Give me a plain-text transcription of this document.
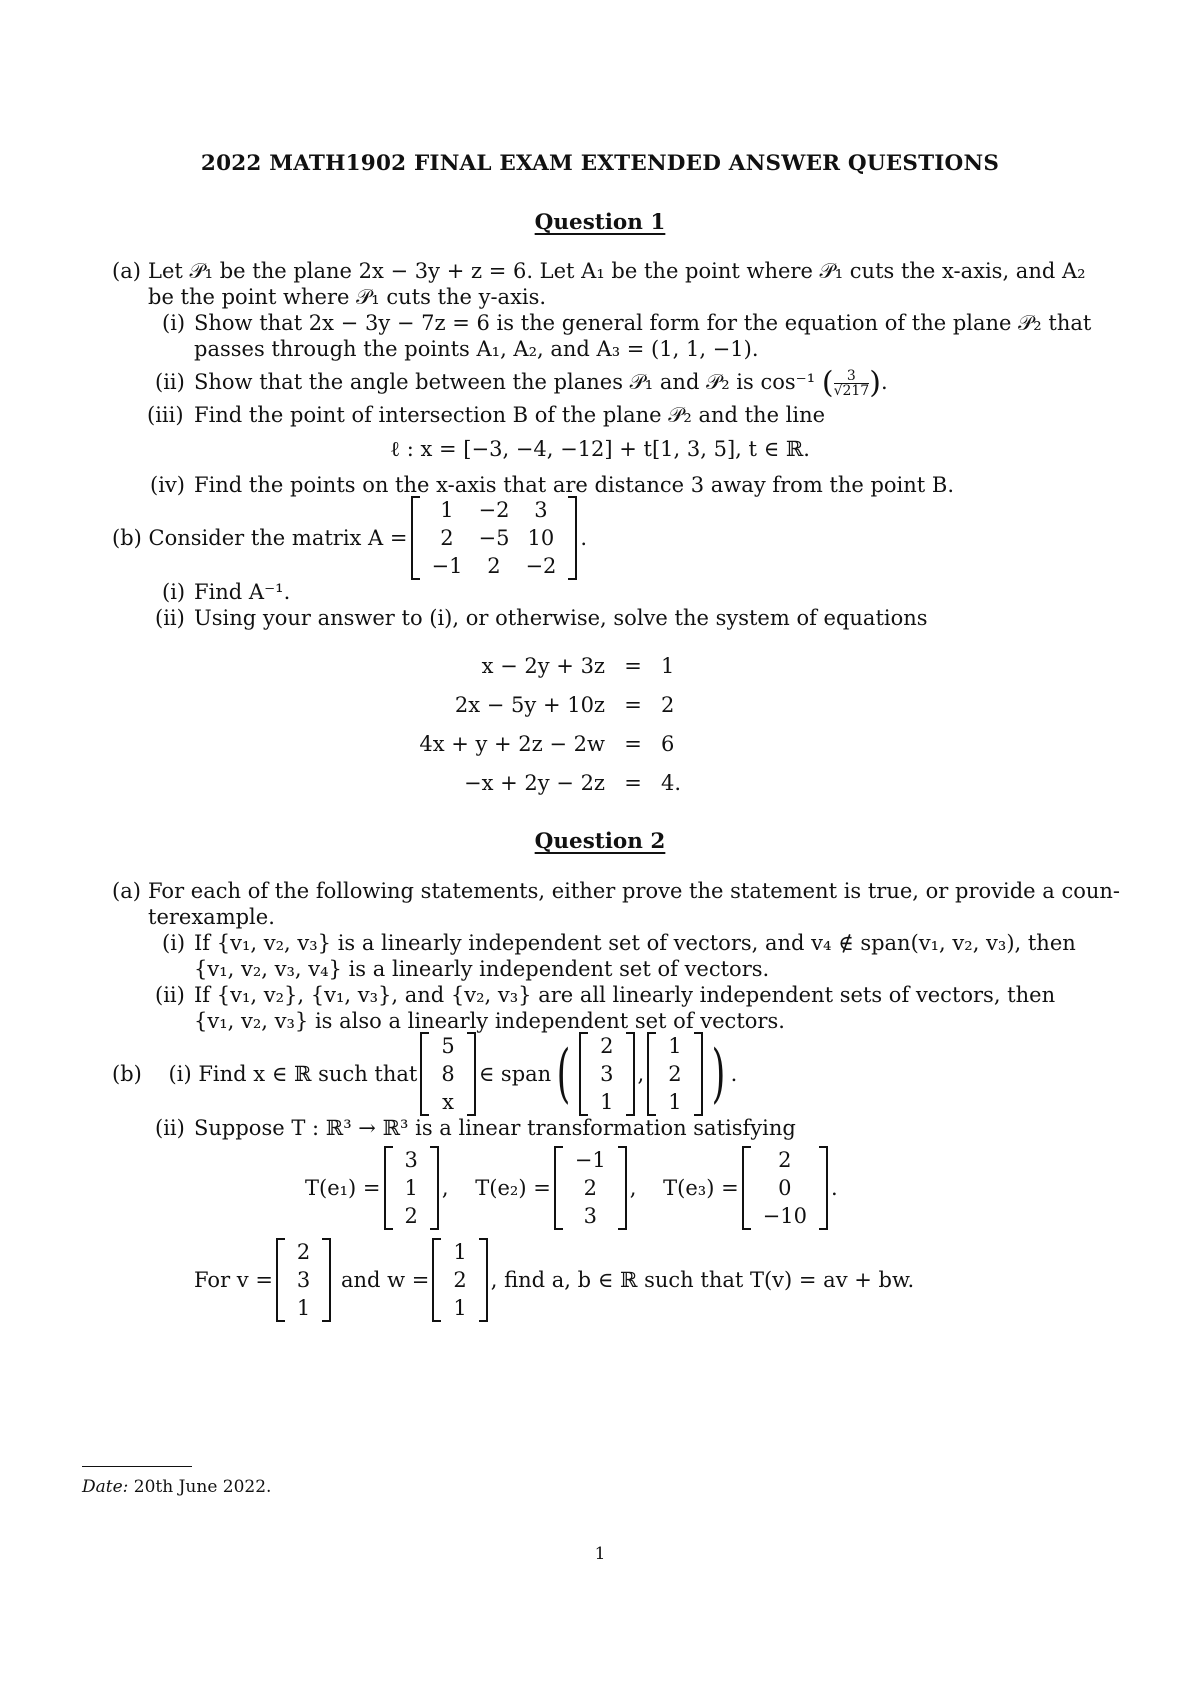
2022 MATH1902 FINAL EXAM EXTENDED ANSWER QUESTIONS
Question 1
(a) Let 𝒫₁ be the plane 2x − 3y + z = 6. Let A₁ be the point where 𝒫₁ cuts the x-axis, and A₂
be the point where 𝒫₁ cuts the y-axis.
(i) Show that 2x − 3y − 7z = 6 is the general form for the equation of the plane 𝒫₂ that
passes through the points A₁, A₂, and A₃ = (1, 1, −1).
(ii) Show that the angle between the planes 𝒫₁ and 𝒫₂ is cos⁻¹ ( $\frac{3}{√217}$ ).
(iii) Find the point of intersection B of the plane 𝒫₂ and the line
ℓ : x = [−3, −4, −12] + t[1, 3, 5], t ∈ ℝ.
(iv) Find the points on the x-axis that are distance 3 away from the point B.
(b)
Consider the matrix A =
1	−2	3
2	−5	10
−1	2	−2
.
(i) Find A⁻¹.
(ii) Using your answer to (i), or otherwise, solve the system of equations
x − 2y + 3z	=	1
2x − 5y + 10z	=	2
4x + y + 2z − 2w	=	6
−x + 2y − 2z	=	4.
Question 2
(a) For each of the following statements, either prove the statement is true, or provide a coun-
terexample.
(i) If {v₁, v₂, v₃} is a linearly independent set of vectors, and v₄ ∉ span(v₁, v₂, v₃), then
{v₁, v₂, v₃, v₄} is a linearly independent set of vectors.
(ii) If {v₁, v₂}, {v₁, v₃}, and {v₂, v₃} are all linearly independent sets of vectors, then
{v₁, v₂, v₃} is also a linearly independent set of vectors.
(b)
(i)
Find x ∈ ℝ such that
5
8
x
∈ span ( 2
3
1
,
1
2
1 ) .
(ii) Suppose T : ℝ³ → ℝ³ is a linear transformation satisfying
T(e₁) =
3
1
2
, T(e₂) =
−1
2
3
, T(e₃) =
2
0
−10
.
For v =
2
3
1

and w =
1
2
1
, find a, b ∈ ℝ such that T(v) = av + bw.
Date: 20th June 2022.
1
